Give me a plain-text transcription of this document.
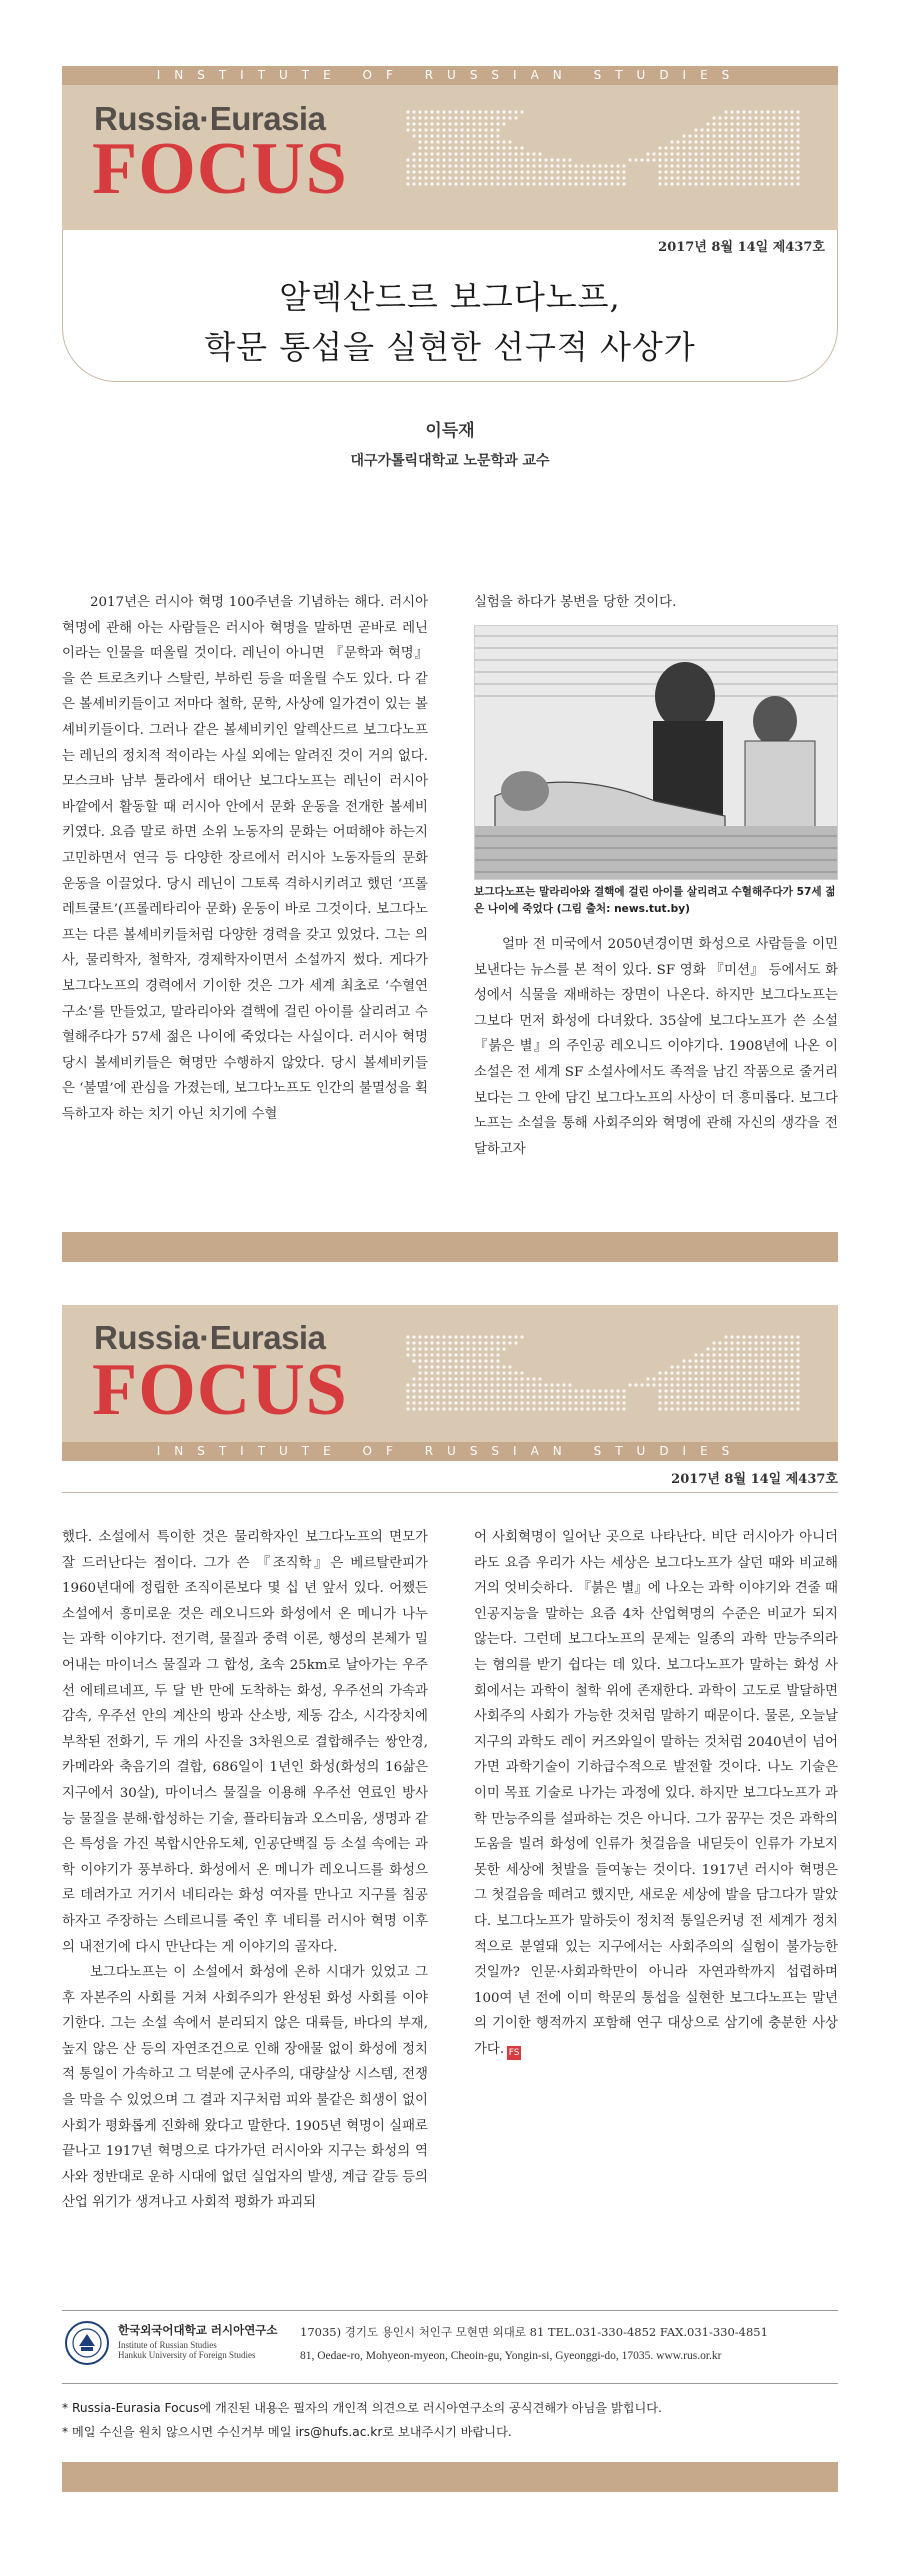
INSTITUTE OF RUSSIAN STUDIES
Russia·Eurasia
FOCUS
2017년 8월 14일 제437호
알렉산드르 보그다노프,
학문 통섭을 실현한 선구적 사상가
이득재
대구가톨릭대학교 노문학과 교수

2017년은 러시아 혁명 100주년을 기념하는 해다. 러시아 혁명에 관해 아는 사람들은 러시아 혁명을 말하면 곧바로 레닌이라는 인물을 떠올릴 것이다. 레닌이 아니면 『문학과 혁명』을 쓴 트로츠키나 스탈린, 부하린 등을 떠올릴 수도 있다. 다 같은 볼셰비키들이고 저마다 철학, 문학, 사상에 일가견이 있는 볼셰비키들이다. 그러나 같은 볼셰비키인 알렉산드르 보그다노프는 레닌의 정치적 적이라는 사실 외에는 알려진 것이 거의 없다. 모스크바 남부 툴라에서 태어난 보그다노프는 레닌이 러시아 바깥에서 활동할 때 러시아 안에서 문화 운동을 전개한 볼셰비키였다. 요즘 말로 하면 소위 노동자의 문화는 어떠해야 하는지 고민하면서 연극 등 다양한 장르에서 러시아 노동자들의 문화 운동을 이끌었다. 당시 레닌이 그토록 격하시키려고 했던 ‘프롤레트쿨트’(프롤레타리아 문화) 운동이 바로 그것이다. 보그다노프는 다른 볼셰비키들처럼 다양한 경력을 갖고 있었다. 그는 의사, 물리학자, 철학자, 경제학자이면서 소설까지 썼다. 게다가 보그다노프의 경력에서 기이한 것은 그가 세계 최초로 ‘수혈연구소’를 만들었고, 말라리아와 결핵에 걸린 아이를 살리려고 수혈해주다가 57세 젊은 나이에 죽었다는 사실이다. 러시아 혁명 당시 볼셰비키들은 혁명만 수행하지 않았다. 당시 볼셰비키들은 ‘불멸’에 관심을 가졌는데, 보그다노프도 인간의 불멸성을 획득하고자 하는 치기 아닌 치기에 수혈

실험을 하다가 봉변을 당한 것이다.

보그다노프는 말라리아와 결핵에 걸린 아이를 살리려고 수혈해주다가 57세 젊은 나이에 죽었다 (그림 출처: news.tut.by)

얼마 전 미국에서 2050년경이면 화성으로 사람들을 이민 보낸다는 뉴스를 본 적이 있다. SF 영화 『미션』 등에서도 화성에서 식물을 재배하는 장면이 나온다. 하지만 보그다노프는 그보다 먼저 화성에 다녀왔다. 35살에 보그다노프가 쓴 소설 『붉은 별』의 주인공 레오니드 이야기다. 1908년에 나온 이 소설은 전 세계 SF 소설사에서도 족적을 남긴 작품으로 줄거리보다는 그 안에 담긴 보그다노프의 사상이 더 흥미롭다. 보그다노프는 소설을 통해 사회주의와 혁명에 관해 자신의 생각을 전달하고자

Russia·Eurasia
FOCUS
INSTITUTE OF RUSSIAN STUDIES
2017년 8월 14일 제437호

했다. 소설에서 특이한 것은 물리학자인 보그다노프의 면모가 잘 드러난다는 점이다. 그가 쓴 『조직학』은 베르탈란피가 1960년대에 정립한 조직이론보다 몇 십 년 앞서 있다. 어쨌든 소설에서 흥미로운 것은 레오니드와 화성에서 온 메니가 나누는 과학 이야기다. 전기력, 물질과 중력 이론, 행성의 본체가 밀어내는 마이너스 물질과 그 합성, 초속 25km로 날아가는 우주선 에테르네프, 두 달 반 만에 도착하는 화성, 우주선의 가속과 감속, 우주선 안의 계산의 방과 산소방, 제동 감소, 시각장치에 부착된 전화기, 두 개의 사진을 3차원으로 결합해주는 쌍안경, 카메라와 축음기의 결합, 686일이 1년인 화성(화성의 16삶은 지구에서 30살), 마이너스 물질을 이용해 우주선 연료인 방사능 물질을 분해·합성하는 기술, 플라티늄과 오스미움, 생명과 같은 특성을 가진 복합시안유도체, 인공단백질 등 소설 속에는 과학 이야기가 풍부하다. 화성에서 온 메니가 레오니드를 화성으로 데려가고 거기서 네티라는 화성 여자를 만나고 지구를 침공하자고 주장하는 스테르니를 죽인 후 네티를 러시아 혁명 이후의 내전기에 다시 만난다는 게 이야기의 골자다.

보그다노프는 이 소설에서 화성에 온하 시대가 있었고 그 후 자본주의 사회를 거쳐 사회주의가 완성된 화성 사회를 이야기한다. 그는 소설 속에서 분리되지 않은 대륙들, 바다의 부재, 높지 않은 산 등의 자연조건으로 인해 장애물 없이 화성에 정치적 통일이 가속하고 그 덕분에 군사주의, 대량살상 시스템, 전쟁을 막을 수 있었으며 그 결과 지구처럼 피와 불같은 희생이 없이 사회가 평화롭게 진화해 왔다고 말한다. 1905년 혁명이 실패로 끝나고 1917년 혁명으로 다가가던 러시아와 지구는 화성의 역사와 정반대로 운하 시대에 없던 실업자의 발생, 계급 갈등 등의 산업 위기가 생겨나고 사회적 평화가 파괴되

어 사회혁명이 일어난 곳으로 나타난다. 비단 러시아가 아니더라도 요즘 우리가 사는 세상은 보그다노프가 살던 때와 비교해 거의 엇비슷하다. 『붉은 별』에 나오는 과학 이야기와 견줄 때 인공지능을 말하는 요즘 4차 산업혁명의 수준은 비교가 되지 않는다. 그런데 보그다노프의 문제는 일종의 과학 만능주의라는 혐의를 받기 쉽다는 데 있다. 보그다노프가 말하는 화성 사회에서는 과학이 철학 위에 존재한다. 과학이 고도로 발달하면 사회주의 사회가 가능한 것처럼 말하기 때문이다. 물론, 오늘날 지구의 과학도 레이 커즈와일이 말하는 것처럼 2040년이 넘어가면 과학기술이 기하급수적으로 발전할 것이다. 나노 기술은 이미 목표 기술로 나가는 과정에 있다. 하지만 보그다노프가 과학 만능주의를 설파하는 것은 아니다. 그가 꿈꾸는 것은 과학의 도움을 빌려 화성에 인류가 첫걸음을 내딛듯이 인류가 가보지 못한 세상에 첫발을 들여놓는 것이다. 1917년 러시아 혁명은 그 첫걸음을 떼려고 했지만, 새로운 세상에 발을 담그다가 말았다. 보그다노프가 말하듯이 정치적 통일은커녕 전 세계가 정치적으로 분열돼 있는 지구에서는 사회주의의 실험이 불가능한 것일까? 인문·사회과학만이 아니라 자연과학까지 섭렵하며 100여 년 전에 이미 학문의 통섭을 실현한 보그다노프는 말년의 기이한 행적까지 포함해 연구 대상으로 삼기에 충분한 사상가다. FS

한국외국어대학교 러시아연구소
Institute of Russian Studies
Hankuk University of Foreign Studies
17035) 경기도 용인시 처인구 모현면 외대로 81 TEL.031-330-4852 FAX.031-330-4851
81, Oedae-ro, Mohyeon-myeon, Cheoin-gu, Yongin-si, Gyeonggi-do, 17035. www.rus.or.kr
* Russia-Eurasia Focus에 개진된 내용은 필자의 개인적 의견으로 러시아연구소의 공식견해가 아님을 밝힙니다.
* 메일 수신을 원치 않으시면 수신거부 메일 irs@hufs.ac.kr로 보내주시기 바랍니다.
